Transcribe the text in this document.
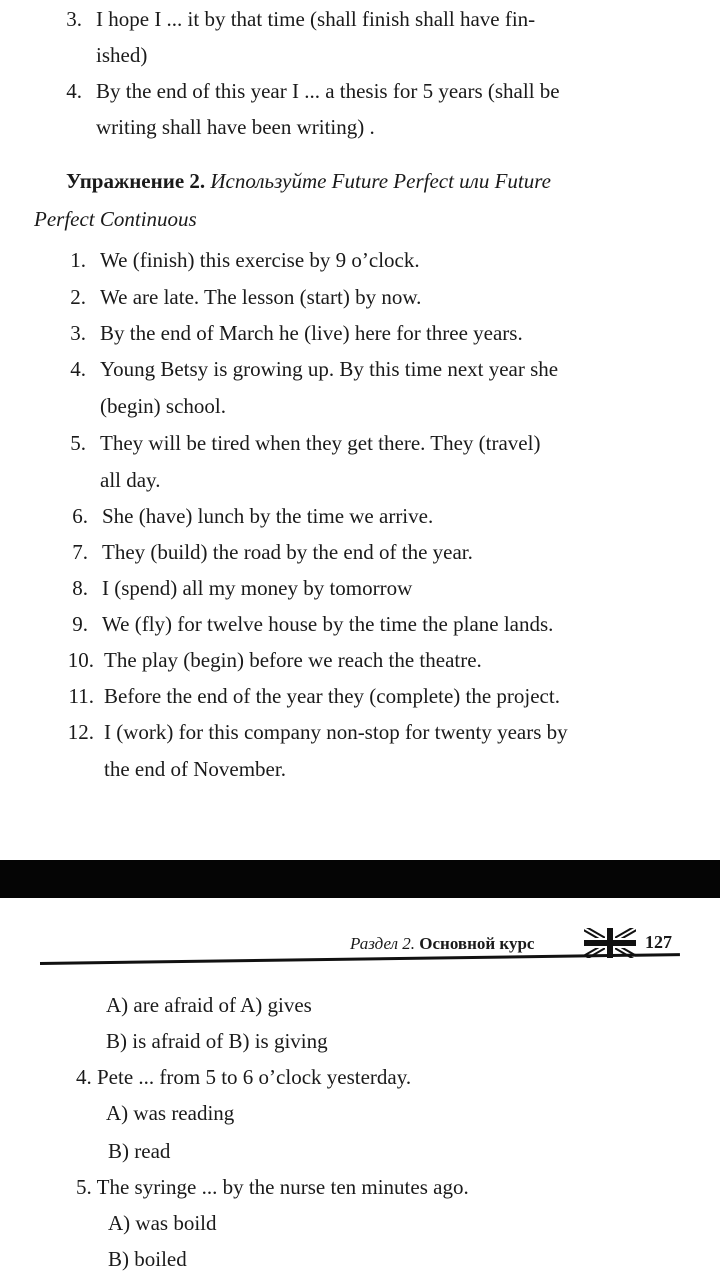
3. I hope I ... it by that time (shall finish shall have fin-
ished)
4. By the end of this year I ... a thesis for 5 years (shall be
writing shall have been writing) .
Упражнение 2. Используйте Future Perfect или Future
Perfect Continuous
1. We (finish) this exercise by 9 o’clock.
2. We are late. The lesson (start) by now.
3. By the end of March he (live) here for three years.
4. Young Betsy is growing up. By this time next year she
(begin) school.
5. They will be tired when they get there. They (travel)
all day.
6. She (have) lunch by the time we arrive.
7. They (build) the road by the end of the year.
8. I (spend) all my money by tomorrow
9. We (fly) for twelve house by the time the plane lands.
10. The play (begin) before we reach the theatre.
11. Before the end of the year they (complete) the project.
12. I (work) for this company non-stop for twenty years by
the end of November.
Раздел 2. Основной курс	127
A) are afraid of A) gives
B) is afraid of B) is giving
4. Pete ... from 5 to 6 o’clock yesterday.
A) was reading
B) read
5. The syringe ... by the nurse ten minutes ago.
A) was boild
B) boiled
